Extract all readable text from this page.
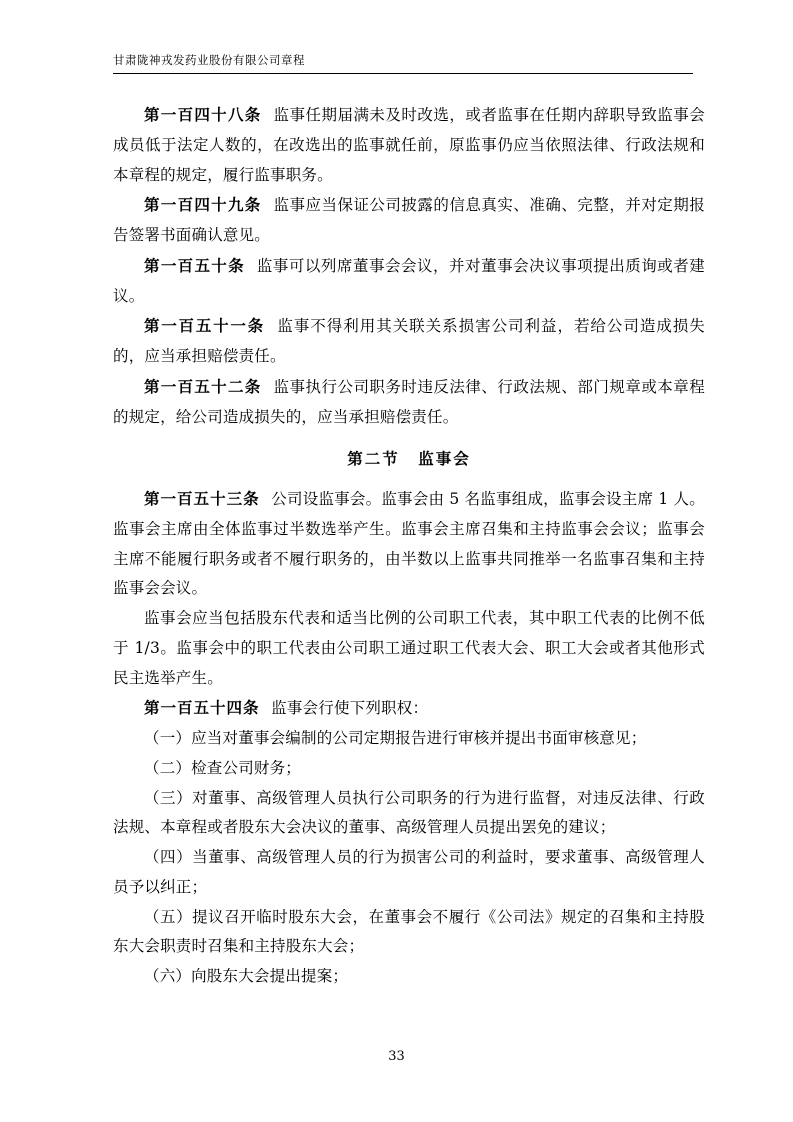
甘肃陇神戎发药业股份有限公司章程

第一百四十八条 监事任期届满未及时改选，或者监事在任期内辞职导致监事会成员低于法定人数的，在改选出的监事就任前，原监事仍应当依照法律、行政法规和本章程的规定，履行监事职务。

第一百四十九条 监事应当保证公司披露的信息真实、准确、完整，并对定期报告签署书面确认意见。

第一百五十条 监事可以列席董事会会议，并对董事会决议事项提出质询或者建议。

第一百五十一条 监事不得利用其关联关系损害公司利益，若给公司造成损失的，应当承担赔偿责任。

第一百五十二条 监事执行公司职务时违反法律、行政法规、部门规章或本章程的规定，给公司造成损失的，应当承担赔偿责任。

第二节 监事会

第一百五十三条 公司设监事会。监事会由 5 名监事组成，监事会设主席 1 人。监事会主席由全体监事过半数选举产生。监事会主席召集和主持监事会会议；监事会主席不能履行职务或者不履行职务的，由半数以上监事共同推举一名监事召集和主持监事会会议。

监事会应当包括股东代表和适当比例的公司职工代表，其中职工代表的比例不低于 1/3。监事会中的职工代表由公司职工通过职工代表大会、职工大会或者其他形式民主选举产生。

第一百五十四条 监事会行使下列职权：

（一）应当对董事会编制的公司定期报告进行审核并提出书面审核意见；

（二）检查公司财务；

（三）对董事、高级管理人员执行公司职务的行为进行监督，对违反法律、行政法规、本章程或者股东大会决议的董事、高级管理人员提出罢免的建议；

（四）当董事、高级管理人员的行为损害公司的利益时，要求董事、高级管理人员予以纠正；

（五）提议召开临时股东大会，在董事会不履行《公司法》规定的召集和主持股东大会职责时召集和主持股东大会；

（六）向股东大会提出提案；

33
